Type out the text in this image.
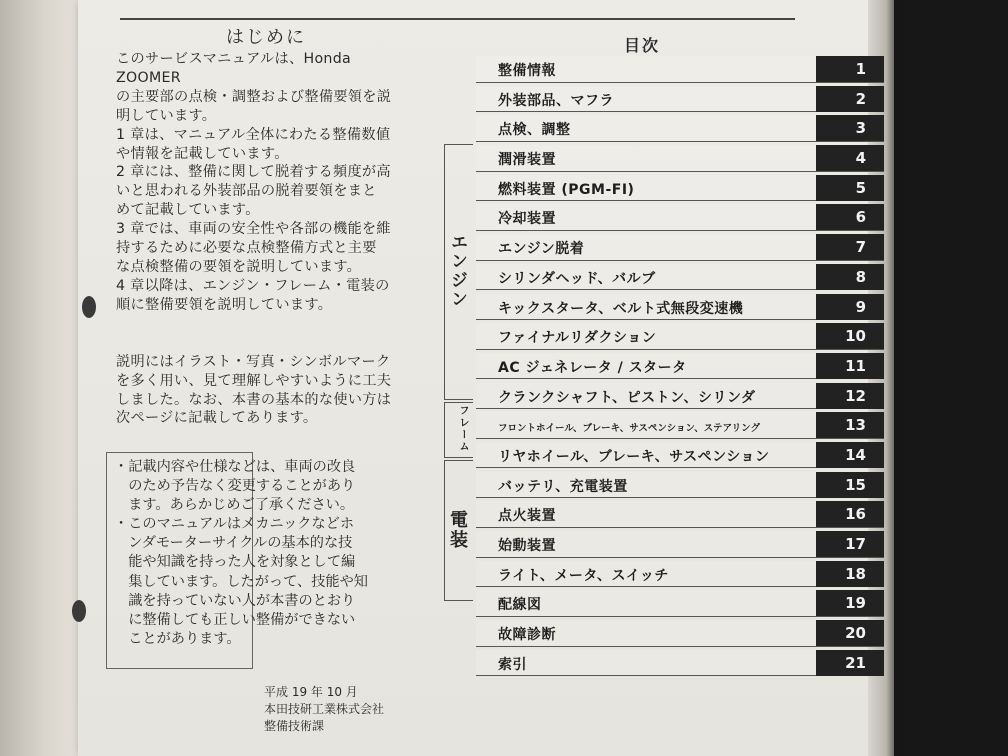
はじめに

このサービスマニュアルは、Honda ZOOMER

の主要部の点検・調整および整備要領を説

明しています。

1 章は、マニュアル全体にわたる整備数値

や情報を記載しています。

2 章には、整備に関して脱着する頻度が高

いと思われる外装部品の脱着要領をまと

めて記載しています。

3 章では、車両の安全性や各部の機能を維

持するために必要な点検整備方式と主要

な点検整備の要領を説明しています。

4 章以降は、エンジン・フレーム・電装の

順に整備要領を説明しています。

説明にはイラスト・写真・シンボルマーク

を多く用い、見て理解しやすいように工夫

しました。なお、本書の基本的な使い方は

次ページに記載してあります。

・記載内容や仕様などは、車両の改良

　のため予告なく変更することがあり

　ます。あらかじめご了承ください。

・このマニュアルはメカニックなどホ

　ンダモーターサイクルの基本的な技

　能や知識を持った人を対象として編

　集しています。したがって、技能や知

　識を持っていない人が本書のとおり

　に整備しても正しい整備ができない

　ことがあります。

平成 19 年 10 月
本田技研工業株式会社
整備技術課
目次
整備情報	1
外装部品、マフラ	2
点検、調整	3
潤滑装置	4
燃料装置 (PGM-FI)	5
冷却装置	6
エンジン脱着	7
シリンダヘッド、バルブ	8
キックスタータ、ベルト式無段変速機	9
ファイナルリダクション	10
AC ジェネレータ / スタータ	11
クランクシャフト、ピストン、シリンダ	12
フロントホイール、ブレーキ、サスペンション、ステアリング	13
リヤホイール、ブレーキ、サスペンション	14
バッテリ、充電装置	15
点火装置	16
始動装置	17
ライト、メータ、スイッチ	18
配線図	19
故障診断	20
索引	21
エンジン
フレーム
電装
